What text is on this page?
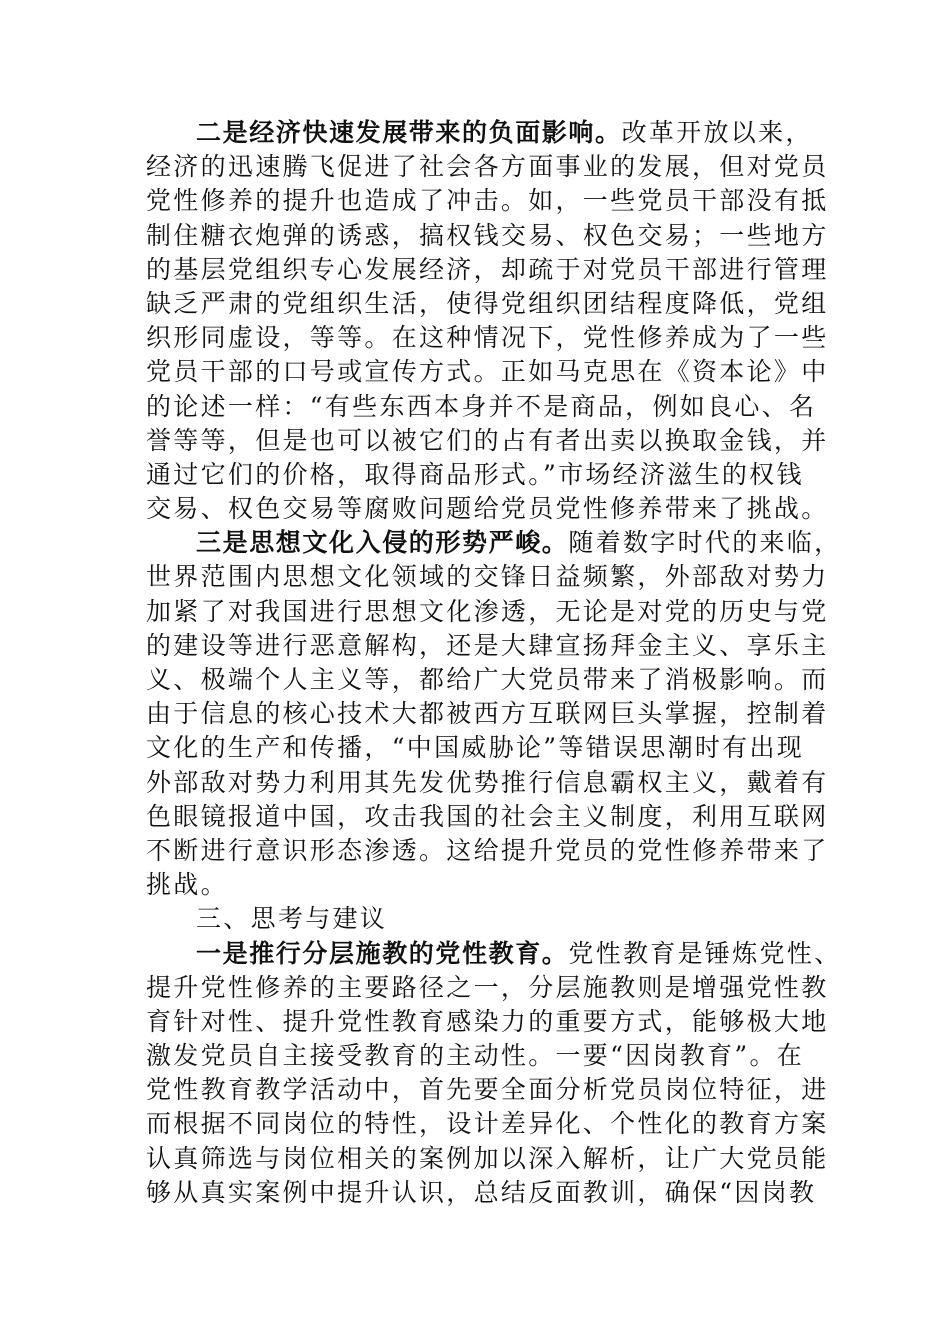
二是经济快速发展带来的负面影响。改革开放以来，
经济的迅速腾飞促进了社会各方面事业的发展，但对党员
党性修养的提升也造成了冲击。如，一些党员干部没有抵
制住糖衣炮弹的诱惑，搞权钱交易、权色交易；一些地方
的基层党组织专心发展经济，却疏于对党员干部进行管理
缺乏严肃的党组织生活，使得党组织团结程度降低，党组
织形同虚设，等等。在这种情况下，党性修养成为了一些
党员干部的口号或宣传方式。正如马克思在《资本论》中
的论述一样：“有些东西本身并不是商品，例如良心、名
誉等等，但是也可以被它们的占有者出卖以换取金钱，并
通过它们的价格，取得商品形式。”市场经济滋生的权钱
交易、权色交易等腐败问题给党员党性修养带来了挑战。
三是思想文化入侵的形势严峻。随着数字时代的来临，
世界范围内思想文化领域的交锋日益频繁，外部敌对势力
加紧了对我国进行思想文化渗透，无论是对党的历史与党
的建设等进行恶意解构，还是大肆宣扬拜金主义、享乐主
义、极端个人主义等，都给广大党员带来了消极影响。而
由于信息的核心技术大都被西方互联网巨头掌握，控制着
文化的生产和传播，“中国威胁论”等错误思潮时有出现
外部敌对势力利用其先发优势推行信息霸权主义，戴着有
色眼镜报道中国，攻击我国的社会主义制度，利用互联网
不断进行意识形态渗透。这给提升党员的党性修养带来了
挑战。
三、思考与建议
一是推行分层施教的党性教育。党性教育是锤炼党性、
提升党性修养的主要路径之一，分层施教则是增强党性教
育针对性、提升党性教育感染力的重要方式，能够极大地
激发党员自主接受教育的主动性。一要“因岗教育”。在
党性教育教学活动中，首先要全面分析党员岗位特征，进
而根据不同岗位的特性，设计差异化、个性化的教育方案
认真筛选与岗位相关的案例加以深入解析，让广大党员能
够从真实案例中提升认识，总结反面教训，确保“因岗教
